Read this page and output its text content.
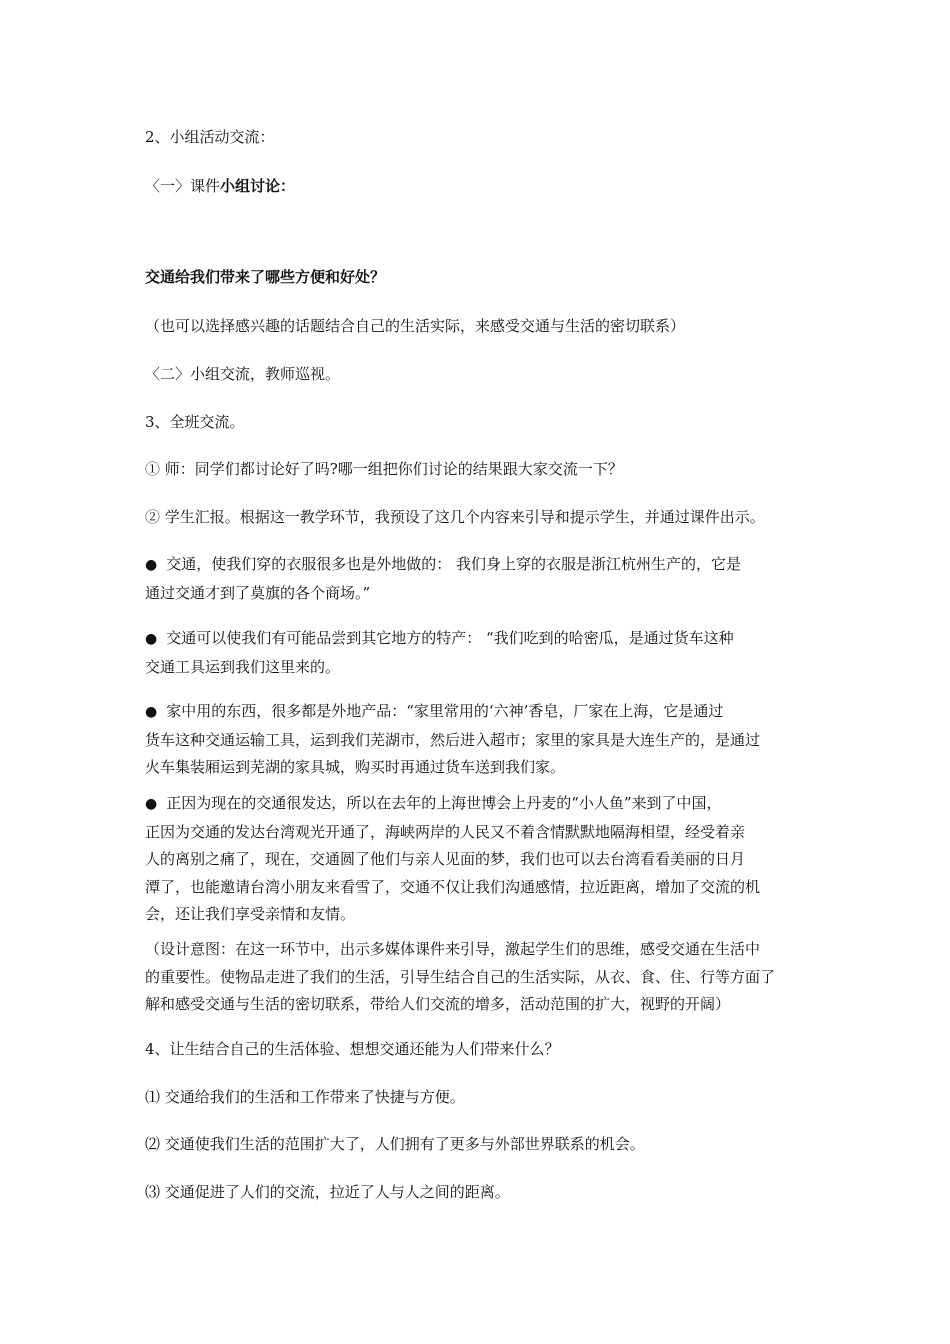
2、小组活动交流：

〈一〉课件小组讨论：

交通给我们带来了哪些方便和好处？

（也可以选择感兴趣的话题结合自己的生活实际，来感受交通与生活的密切联系）

〈二〉小组交流，教师巡视。

3、全班交流。

① 师：同学们都讨论好了吗?哪一组把你们讨论的结果跟大家交流一下？

② 学生汇报。根据这一教学环节，我预设了这几个内容来引导和提示学生，并通过课件出示。

● 交通，使我们穿的衣服很多也是外地做的： 我们身上穿的衣服是浙江杭州生产的，它是
通过交通才到了莫旗的各个商场。”
● 交通可以使我们有可能品尝到其它地方的特产： “我们吃到的哈密瓜，是通过货车这种
交通工具运到我们这里来的。
● 家中用的东西，很多都是外地产品：“家里常用的‘六神’香皂，厂家在上海，它是通过
货车这种交通运输工具，运到我们芜湖市，然后进入超市；家里的家具是大连生产的，是通过
火车集装厢运到芜湖的家具城，购买时再通过货车送到我们家。
● 正因为现在的交通很发达，所以在去年的上海世博会上丹麦的“小人鱼”来到了中国，
正因为交通的发达台湾观光开通了，海峡两岸的人民又不着含情默默地隔海相望，经受着亲
人的离别之痛了，现在，交通圆了他们与亲人见面的梦，我们也可以去台湾看看美丽的日月
潭了，也能邀请台湾小朋友来看雪了，交通不仅让我们沟通感情，拉近距离，增加了交流的机
会，还让我们享受亲情和友情。
（设计意图：在这一环节中，出示多媒体课件来引导，激起学生们的思维，感受交通在生活中
的重要性。使物品走进了我们的生活，引导生结合自己的生活实际，从衣、食、住、行等方面了
解和感受交通与生活的密切联系，带给人们交流的增多，活动范围的扩大，视野的开阔）

4、让生结合自己的生活体验、想想交通还能为人们带来什么？

⑴ 交通给我们的生活和工作带来了快捷与方便。

⑵ 交通使我们生活的范围扩大了，人们拥有了更多与外部世界联系的机会。

⑶ 交通促进了人们的交流，拉近了人与人之间的距离。
